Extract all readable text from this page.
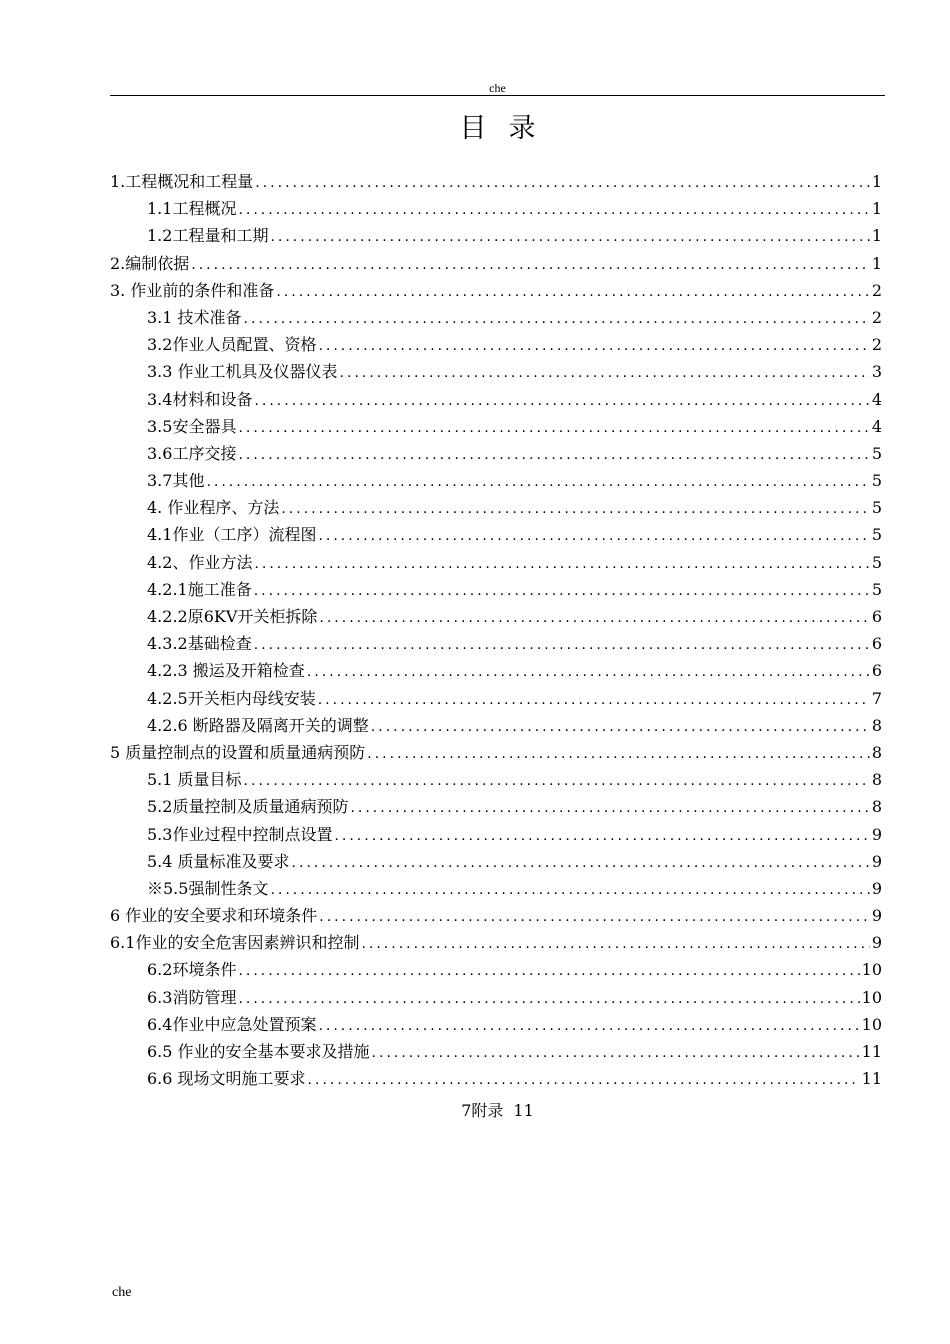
che
目录
1.工程概况和工程量 .....	1
1.1工程概况 .....	1
1.2工程量和工期 .....	1
2.编制依据 .....	1
3. 作业前的条件和准备 .....	2
3.1 技术准备 .....	2
3.2作业人员配置、资格 .....	2
3.3 作业工机具及仪器仪表 .....	3
3.4材料和设备 .....	4
3.5安全器具 .....	4
3.6工序交接 .....	5
3.7其他 .....	5
4. 作业程序、方法 .....	5
4.1作业（工序）流程图 .....	5
4.2、作业方法 .....	5
4.2.1施工准备 .....	5
4.2.2原6KV开关柜拆除 .....	6
4.3.2基础检查 .....	6
4.2.3 搬运及开箱检查 .....	6
4.2.5开关柜内母线安装 .....	7
4.2.6 断路器及隔离开关的调整 .....	8
5 质量控制点的设置和质量通病预防 .....	8
5.1 质量目标 .....	8
5.2质量控制及质量通病预防 .....	8
5.3作业过程中控制点设置 .....	9
5.4 质量标准及要求 .....	9
※5.5强制性条文 .....	9
6 作业的安全要求和环境条件 .....	9
6.1作业的安全危害因素辨识和控制 .....	9
6.2环境条件 .....	10
6.3消防管理 .....	10
6.4作业中应急处置预案 .....	10
6.5 作业的安全基本要求及措施 .....	11
6.6 现场文明施工要求 .....	11
7附录 11
che
